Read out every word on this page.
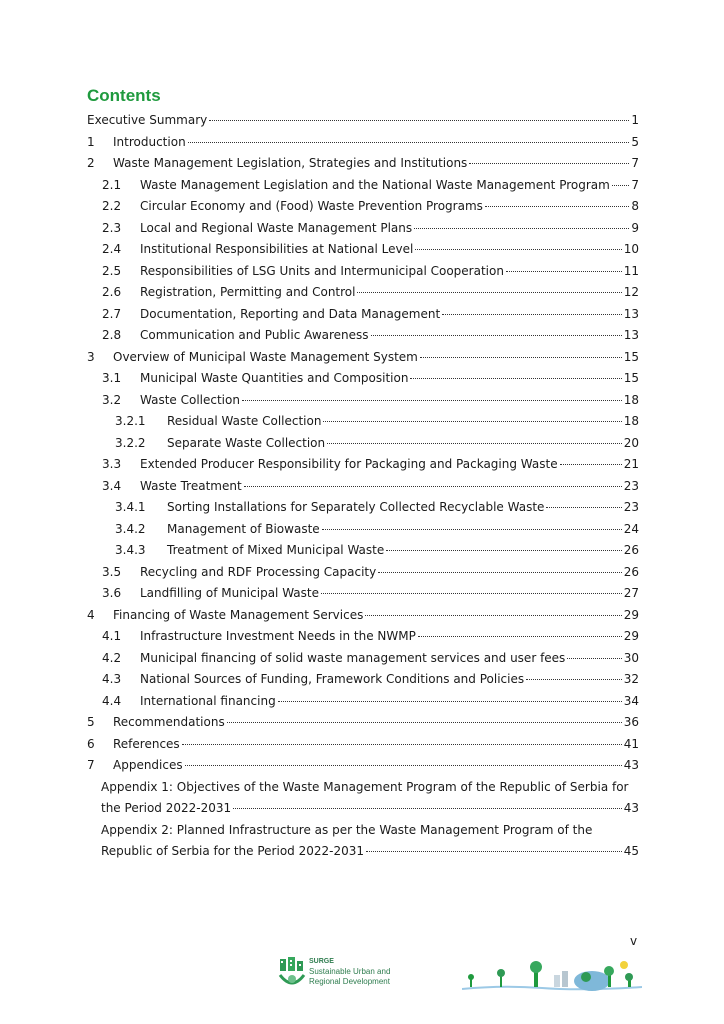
Contents
Executive Summary	1
1	Introduction	5
2	Waste Management Legislation, Strategies and Institutions	7
2.1	Waste Management Legislation and the National Waste Management Program 7
2.2	Circular Economy and (Food) Waste Prevention Programs	8
2.3	Local and Regional Waste Management Plans	9
2.4	Institutional Responsibilities at National Level	10
2.5	Responsibilities of LSG Units and Intermunicipal Cooperation	11
2.6	Registration, Permitting and Control	12
2.7	Documentation, Reporting and Data Management	13
2.8	Communication and Public Awareness	13
3	Overview of Municipal Waste Management System	15
3.1	Municipal Waste Quantities and Composition	15
3.2	Waste Collection	18
3.2.1	Residual Waste Collection	18
3.2.2	Separate Waste Collection	20
3.3	Extended Producer Responsibility for Packaging and Packaging Waste	21
3.4	Waste Treatment	23
3.4.1	Sorting Installations for Separately Collected Recyclable Waste	23
3.4.2	Management of Biowaste	24
3.4.3	Treatment of Mixed Municipal Waste	26
3.5	Recycling and RDF Processing Capacity	26
3.6	Landfilling of Municipal Waste	27
4	Financing of Waste Management Services	29
4.1	Infrastructure Investment Needs in the NWMP	29
4.2	Municipal financing of solid waste management services and user fees	30
4.3	National Sources of Funding, Framework Conditions and Policies	32
4.4	International financing	34
5	Recommendations	36
6	References	41
7	Appendices	43
Appendix 1: Objectives of the Waste Management Program of the Republic of Serbia for
the Period 2022-2031	43
Appendix 2: Planned Infrastructure as per the Waste Management Program of the
Republic of Serbia for the Period 2022-2031	45
v
SURGE
Sustainable Urban and
Regional Development
